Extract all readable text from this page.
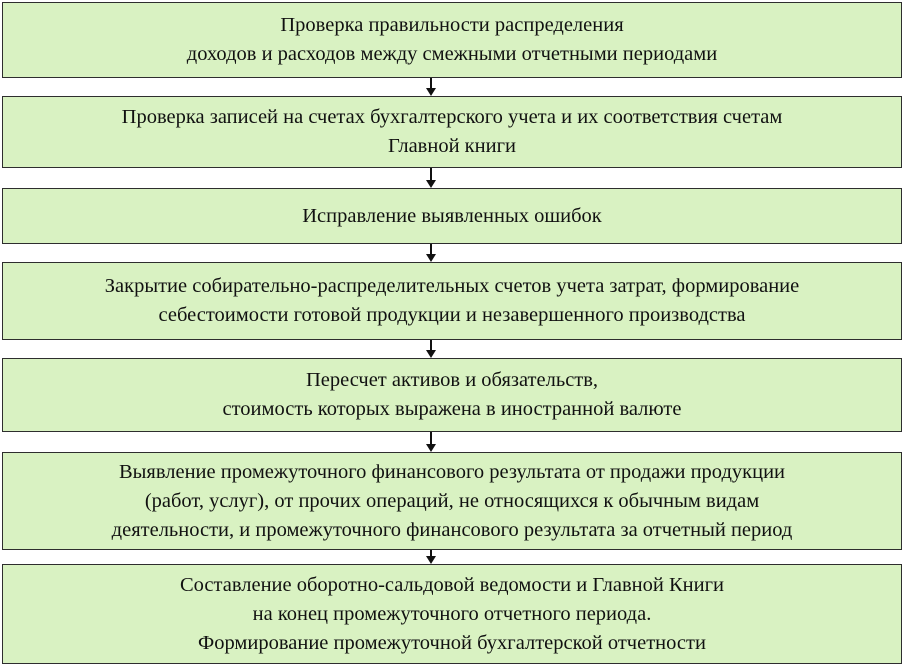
Проверка правильности распределения
доходов и расходов между смежными отчетными периодами
Проверка записей на счетах бухгалтерского учета и их соответствия счетам
Главной книги
Исправление выявленных ошибок
Закрытие собирательно-распределительных счетов учета затрат, формирование
себестоимости готовой продукции и незавершенного производства
Пересчет активов и обязательств,
стоимость которых выражена в иностранной валюте
Выявление промежуточного финансового результата от продажи продукции
(работ, услуг), от прочих операций, не относящихся к обычным видам
деятельности, и промежуточного финансового результата за отчетный период
Составление оборотно-сальдовой ведомости и Главной Книги
на конец промежуточного отчетного периода.
Формирование промежуточной бухгалтерской отчетности
